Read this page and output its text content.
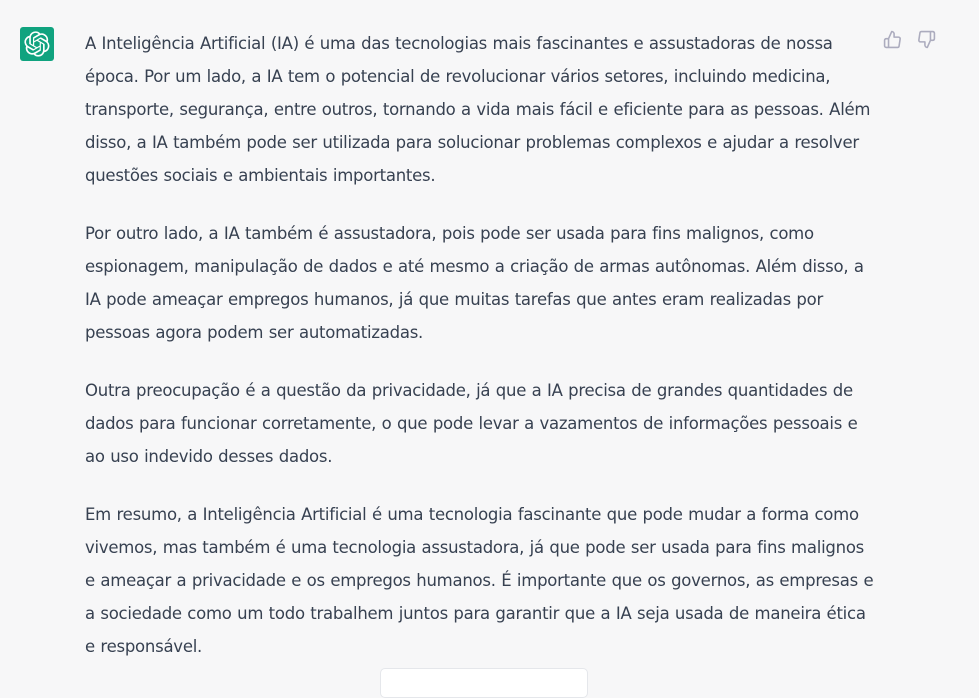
A Inteligência Artificial (IA) é uma das tecnologias mais fascinantes e assustadoras de nossa época. Por um lado, a IA tem o potencial de revolucionar vários setores, incluindo medicina, transporte, segurança, entre outros, tornando a vida mais fácil e eficiente para as pessoas. Além disso, a IA também pode ser utilizada para solucionar problemas complexos e ajudar a resolver questões sociais e ambientais importantes.

Por outro lado, a IA também é assustadora, pois pode ser usada para fins malignos, como espionagem, manipulação de dados e até mesmo a criação de armas autônomas. Além disso, a IA pode ameaçar empregos humanos, já que muitas tarefas que antes eram realizadas por pessoas agora podem ser automatizadas.

Outra preocupação é a questão da privacidade, já que a IA precisa de grandes quantidades de dados para funcionar corretamente, o que pode levar a vazamentos de informações pessoais e ao uso indevido desses dados.

Em resumo, a Inteligência Artificial é uma tecnologia fascinante que pode mudar a forma como vivemos, mas também é uma tecnologia assustadora, já que pode ser usada para fins malignos e ameaçar a privacidade e os empregos humanos. É importante que os governos, as empresas e a sociedade como um todo trabalhem juntos para garantir que a IA seja usada de maneira ética e responsável.
